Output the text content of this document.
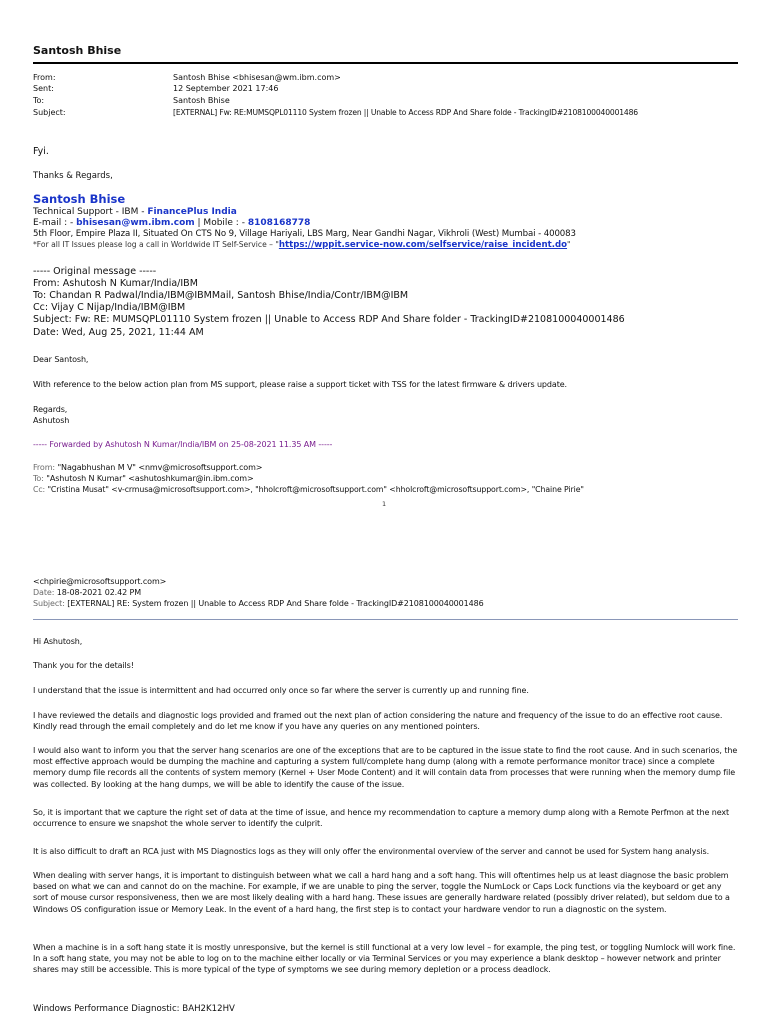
Santosh Bhise
From:	Santosh Bhise <bhisesan@wm.ibm.com>
Sent:	12 September 2021 17:46
To:	Santosh Bhise
Subject:	[EXTERNAL] Fw: RE:MUMSQPL01110 System frozen || Unable to Access RDP And Share folde - TrackingID#2108100040001486
Fyi.
Thanks & Regards,
Santosh Bhise
Technical Support - IBM - FinancePlus India
E-mail : - bhisesan@wm.ibm.com | Mobile : - 8108168778
5th Floor, Empire Plaza II, Situated On CTS No 9, Village Hariyali, LBS Marg, Near Gandhi Nagar, Vikhroli (West) Mumbai - 400083
*For all IT Issues please log a call in Worldwide IT Self-Service – "https://wppit.service-now.com/selfservice/raise_incident.do"
----- Original message -----
From: Ashutosh N Kumar/India/IBM
To: Chandan R Padwal/India/IBM@IBMMail, Santosh Bhise/India/Contr/IBM@IBM
Cc: Vijay C Nijap/India/IBM@IBM
Subject: Fw: RE: MUMSQPL01110 System frozen || Unable to Access RDP And Share folder - TrackingID#2108100040001486
Date: Wed, Aug 25, 2021, 11:44 AM
Dear Santosh,
With reference to the below action plan from MS support, please raise a support ticket with TSS for the latest firmware & drivers update.
Regards,
Ashutosh
----- Forwarded by Ashutosh N Kumar/India/IBM on 25-08-2021 11.35 AM -----
From: "Nagabhushan M V" <nmv@microsoftsupport.com>
To: "Ashutosh N Kumar" <ashutoshkumar@in.ibm.com>
Cc: "Cristina Musat" <v-crmusa@microsoftsupport.com>, "hholcroft@microsoftsupport.com" <hholcroft@microsoftsupport.com>, "Chaine Pirie"
1
<chpirie@microsoftsupport.com>
Date: 18-08-2021 02.42 PM
Subject: [EXTERNAL] RE: System frozen || Unable to Access RDP And Share folde - TrackingID#2108100040001486
Hi Ashutosh,
Thank you for the details!
I understand that the issue is intermittent and had occurred only once so far where the server is currently up and running fine.
I have reviewed the details and diagnostic logs provided and framed out the next plan of action considering the nature and frequency of the issue to do an effective root cause. Kindly read through the email completely and do let me know if you have any queries on any mentioned pointers.
I would also want to inform you that the server hang scenarios are one of the exceptions that are to be captured in the issue state to find the root cause. And in such scenarios, the most effective approach would be dumping the machine and capturing a system full/complete hang dump (along with a remote performance monitor trace) since a complete memory dump file records all the contents of system memory (Kernel + User Mode Content) and it will contain data from processes that were running when the memory dump file was collected. By looking at the hang dumps, we will be able to identify the cause of the issue.
So, it is important that we capture the right set of data at the time of issue, and hence my recommendation to capture a memory dump along with a Remote Perfmon at the next occurrence to ensure we snapshot the whole server to identify the culprit.
It is also difficult to draft an RCA just with MS Diagnostics logs as they will only offer the environmental overview of the server and cannot be used for System hang analysis.
When dealing with server hangs, it is important to distinguish between what we call a hard hang and a soft hang. This will oftentimes help us at least diagnose the basic problem based on what we can and cannot do on the machine. For example, if we are unable to ping the server, toggle the NumLock or Caps Lock functions via the keyboard or get any sort of mouse cursor responsiveness, then we are most likely dealing with a hard hang. These issues are generally hardware related (possibly driver related), but seldom due to a Windows OS configuration issue or Memory Leak. In the event of a hard hang, the first step is to contact your hardware vendor to run a diagnostic on the system.
When a machine is in a soft hang state it is mostly unresponsive, but the kernel is still functional at a very low level – for example, the ping test, or toggling Numlock will work fine. In a soft hang state, you may not be able to log on to the machine either locally or via Terminal Services or you may experience a blank desktop – however network and printer shares may still be accessible. This is more typical of the type of symptoms we see during memory depletion or a process deadlock.
Windows Performance Diagnostic: BAH2K12HV
